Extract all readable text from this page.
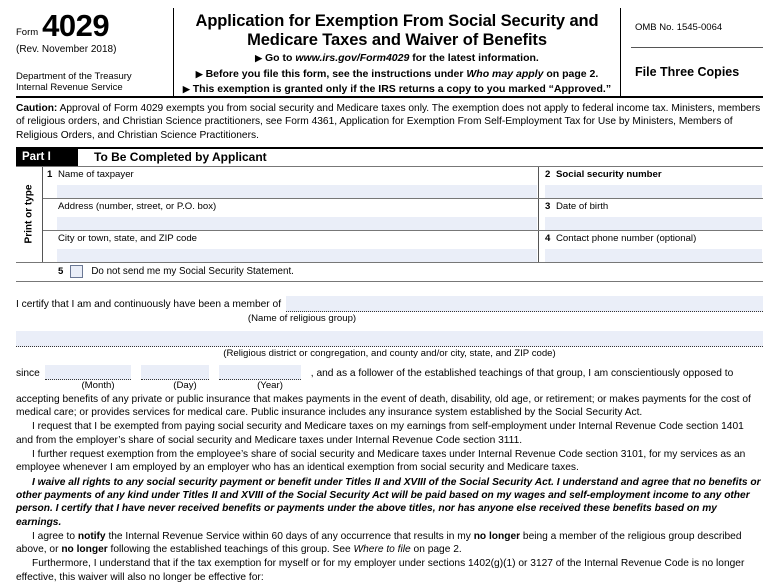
Form 4029
(Rev. November 2018)
Department of the Treasury
Internal Revenue Service
Application for Exemption From Social Security and
Medicare Taxes and Waiver of Benefits
▶ Go to www.irs.gov/Form4029 for the latest information.
▶ Before you file this form, see the instructions under Who may apply on page 2.
▶ This exemption is granted only if the IRS returns a copy to you marked “Approved.”
OMB No. 1545-0064
File Three Copies
Caution: Approval of Form 4029 exempts you from social security and Medicare taxes only. The exemption does not apply to federal income tax. Ministers, members of religious orders, and Christian Science practitioners, see Form 4361, Application for Exemption From Self-Employment Tax for Use by Ministers, Members of Religious Orders, and Christian Science Practitioners.
Part I	To Be Completed by Applicant
Print or type
1 Name of taxpayer	2 Social security number
Address (number, street, or P.O. box)	3 Date of birth
City or town, state, and ZIP code	4 Contact phone number (optional)
5	Do not send me my Social Security Statement.
I certify that I am and continuously have been a member of
(Name of religious group)
(Religious district or congregation, and county and/or city, state, and ZIP code)
since	, and as a follower of the established teachings of that group, I am conscientiously opposed to
(Month)	(Day)	(Year)
accepting benefits of any private or public insurance that makes payments in the event of death, disability, old age, or retirement; or makes payments for the cost of medical care; or provides services for medical care. Public insurance includes any insurance system established by the Social Security Act.
I request that I be exempted from paying social security and Medicare taxes on my earnings from self-employment under Internal Revenue Code section 1401 and from the employer’s share of social security and Medicare taxes under Internal Revenue Code section 3111.
I further request exemption from the employee’s share of social security and Medicare taxes under Internal Revenue Code section 3101, for my services as an employee whenever I am employed by an employer who has an identical exemption from social security and Medicare taxes.
I waive all rights to any social security payment or benefit under Titles II and XVIII of the Social Security Act. I understand and agree that no benefits or other payments of any kind under Titles II and XVIII of the Social Security Act will be paid based on my wages and self-employment income to any other person. I certify that I have never received benefits or payments under the above titles, nor has anyone else received these benefits based on my earnings.
I agree to notify the Internal Revenue Service within 60 days of any occurrence that results in my no longer being a member of the religious group described above, or no longer following the established teachings of this group. See Where to file on page 2.
Furthermore, I understand that if the tax exemption for myself or for my employer under sections 1402(g)(1) or 3127 of the Internal Revenue Code is no longer effective, this waiver will also no longer be effective for:
